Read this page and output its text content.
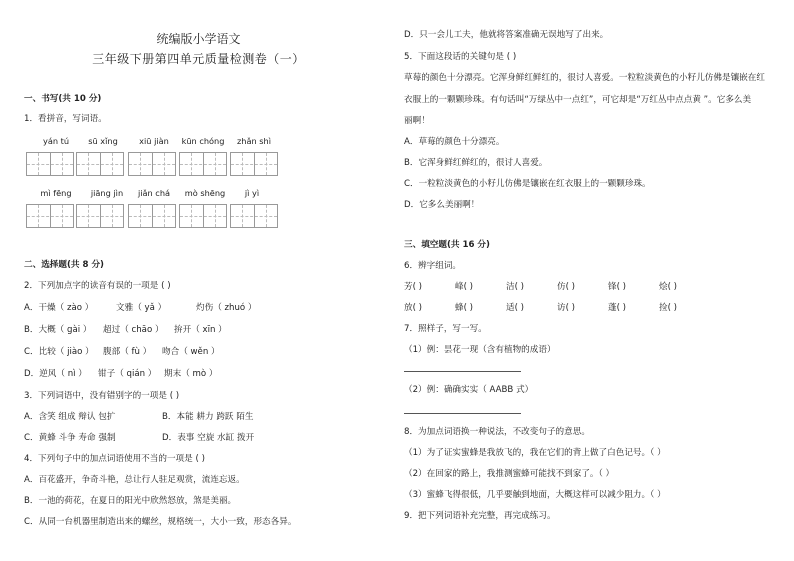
统编版小学语文
三年级下册第四单元质量检测卷（一）
一、书写(共 10 分)
1．看拼音，写词语。
yán tú	sū xǐng	xiū jiàn	kūn chóng	zhǎn shì
mì fēng	jiāng jìn	jiǎn chá	mò shēng	jì yì
二、选择题(共 8 分)
2．下列加点字的读音有误的一项是 ( )
A．干燥（ zào ）	文雅（ yǎ ）	灼伤（ zhuó ）
B．大概（ gài ） 超过（ chāo ） 拚开（ xīn ）
C．比较（ jiào ） 腹部（ fù ） 吻合（ wěn ）
D．逆风（ nì ） 钳子（ qián ） 期末（ mò ）
3．下列词语中，没有错别字的一项是 ( )
A．含笑 组成 辩认 包扩	B．本能 耕力 跨跃 陌生
C．黄蜂 斗争 寿命 强制	D．表事 空旋 水缸 拨开
4．下列句子中的加点词语使用不当的一项是 ( )
A．百花盛开，争奇斗艳，总让行人驻足观赏，流连忘返。
B．一池的荷花，在夏日的阳光中欣然怒放，煞是美丽。
C．从同一台机器里制造出来的螺丝，规格统一，大小一致，形态各异。
D．只一会儿工夫，他就将答案准确无误地写了出来。
5．下面这段话的关键句是 ( )
草莓的颜色十分漂亮。它浑身鲜红鲜红的，很讨人喜爱。一粒粒淡黄色的小籽儿仿佛是镶嵌在红
衣服上的一颗颗珍珠。有句话叫“万绿丛中一点红”，可它却是“万红丛中点点黄 ”。它多么美
丽啊！
A．草莓的颜色十分漂亮。
B．它浑身鲜红鲜红的，很讨人喜爱。
C．一粒粒淡黄色的小籽儿仿佛是镶嵌在红衣服上的一颗颗珍珠。
D．它多么美丽啊！
三、填空题(共 16 分)
6．辨字组词。
芳( )	峰( )	洁( )	仿( )	锋( )	烩( )
放( )	蜂( )	适( )	访( )	蓬( )	捡( )
7．照样子，写一写。
（1）例：昙花一现（含有植物的成语）
（2）例：确确实实（ AABB 式）
8．为加点词语换一种说法，不改变句子的意思。
（1）为了证实蜜蜂是我放飞的，我在它们的背上做了白色记号。（ ）
（2）在回家的路上，我推测蜜蜂可能找不到家了。（ ）
（3）蜜蜂飞得很低，几乎要触到地面，大概这样可以减少阻力。（ ）
9．把下列词语补充完整，再完成练习。
